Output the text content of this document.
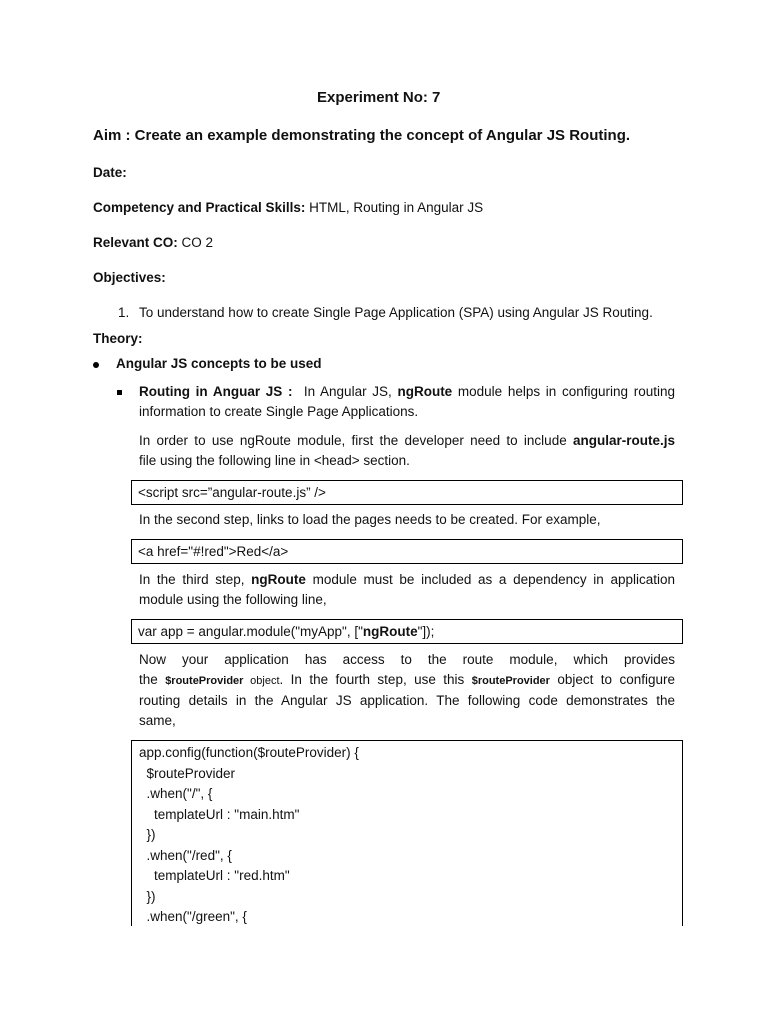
Experiment No: 7
Aim : Create an example demonstrating the concept of Angular JS Routing.
Date:
Competency and Practical Skills: HTML, Routing in Angular JS
Relevant CO: CO 2
Objectives:
1. To understand how to create Single Page Application (SPA) using Angular JS Routing.
Theory:
Angular JS concepts to be used
Routing in Anguar JS : In Angular JS, ngRoute module helps in configuring routing
information to create Single Page Applications.
In order to use ngRoute module, first the developer need to include angular-route.js
file using the following line in <head> section.
<script src=”angular-route.js” />
In the second step, links to load the pages needs to be created. For example,
<a href="#!red">Red</a>
In the third step, ngRoute module must be included as a dependency in application
module using the following line,
var app = angular.module("myApp", ["ngRoute"]);
Now your application has access to the route module, which provides
the $routeProvider object. In the fourth step, use this $routeProvider object to configure
routing details in the Angular JS application. The following code demonstrates the
same,
app.config(function($routeProvider) {
$routeProvider
.when("/", {
templateUrl : "main.htm"
})
.when("/red", {
templateUrl : "red.htm"
})
.when("/green", {
